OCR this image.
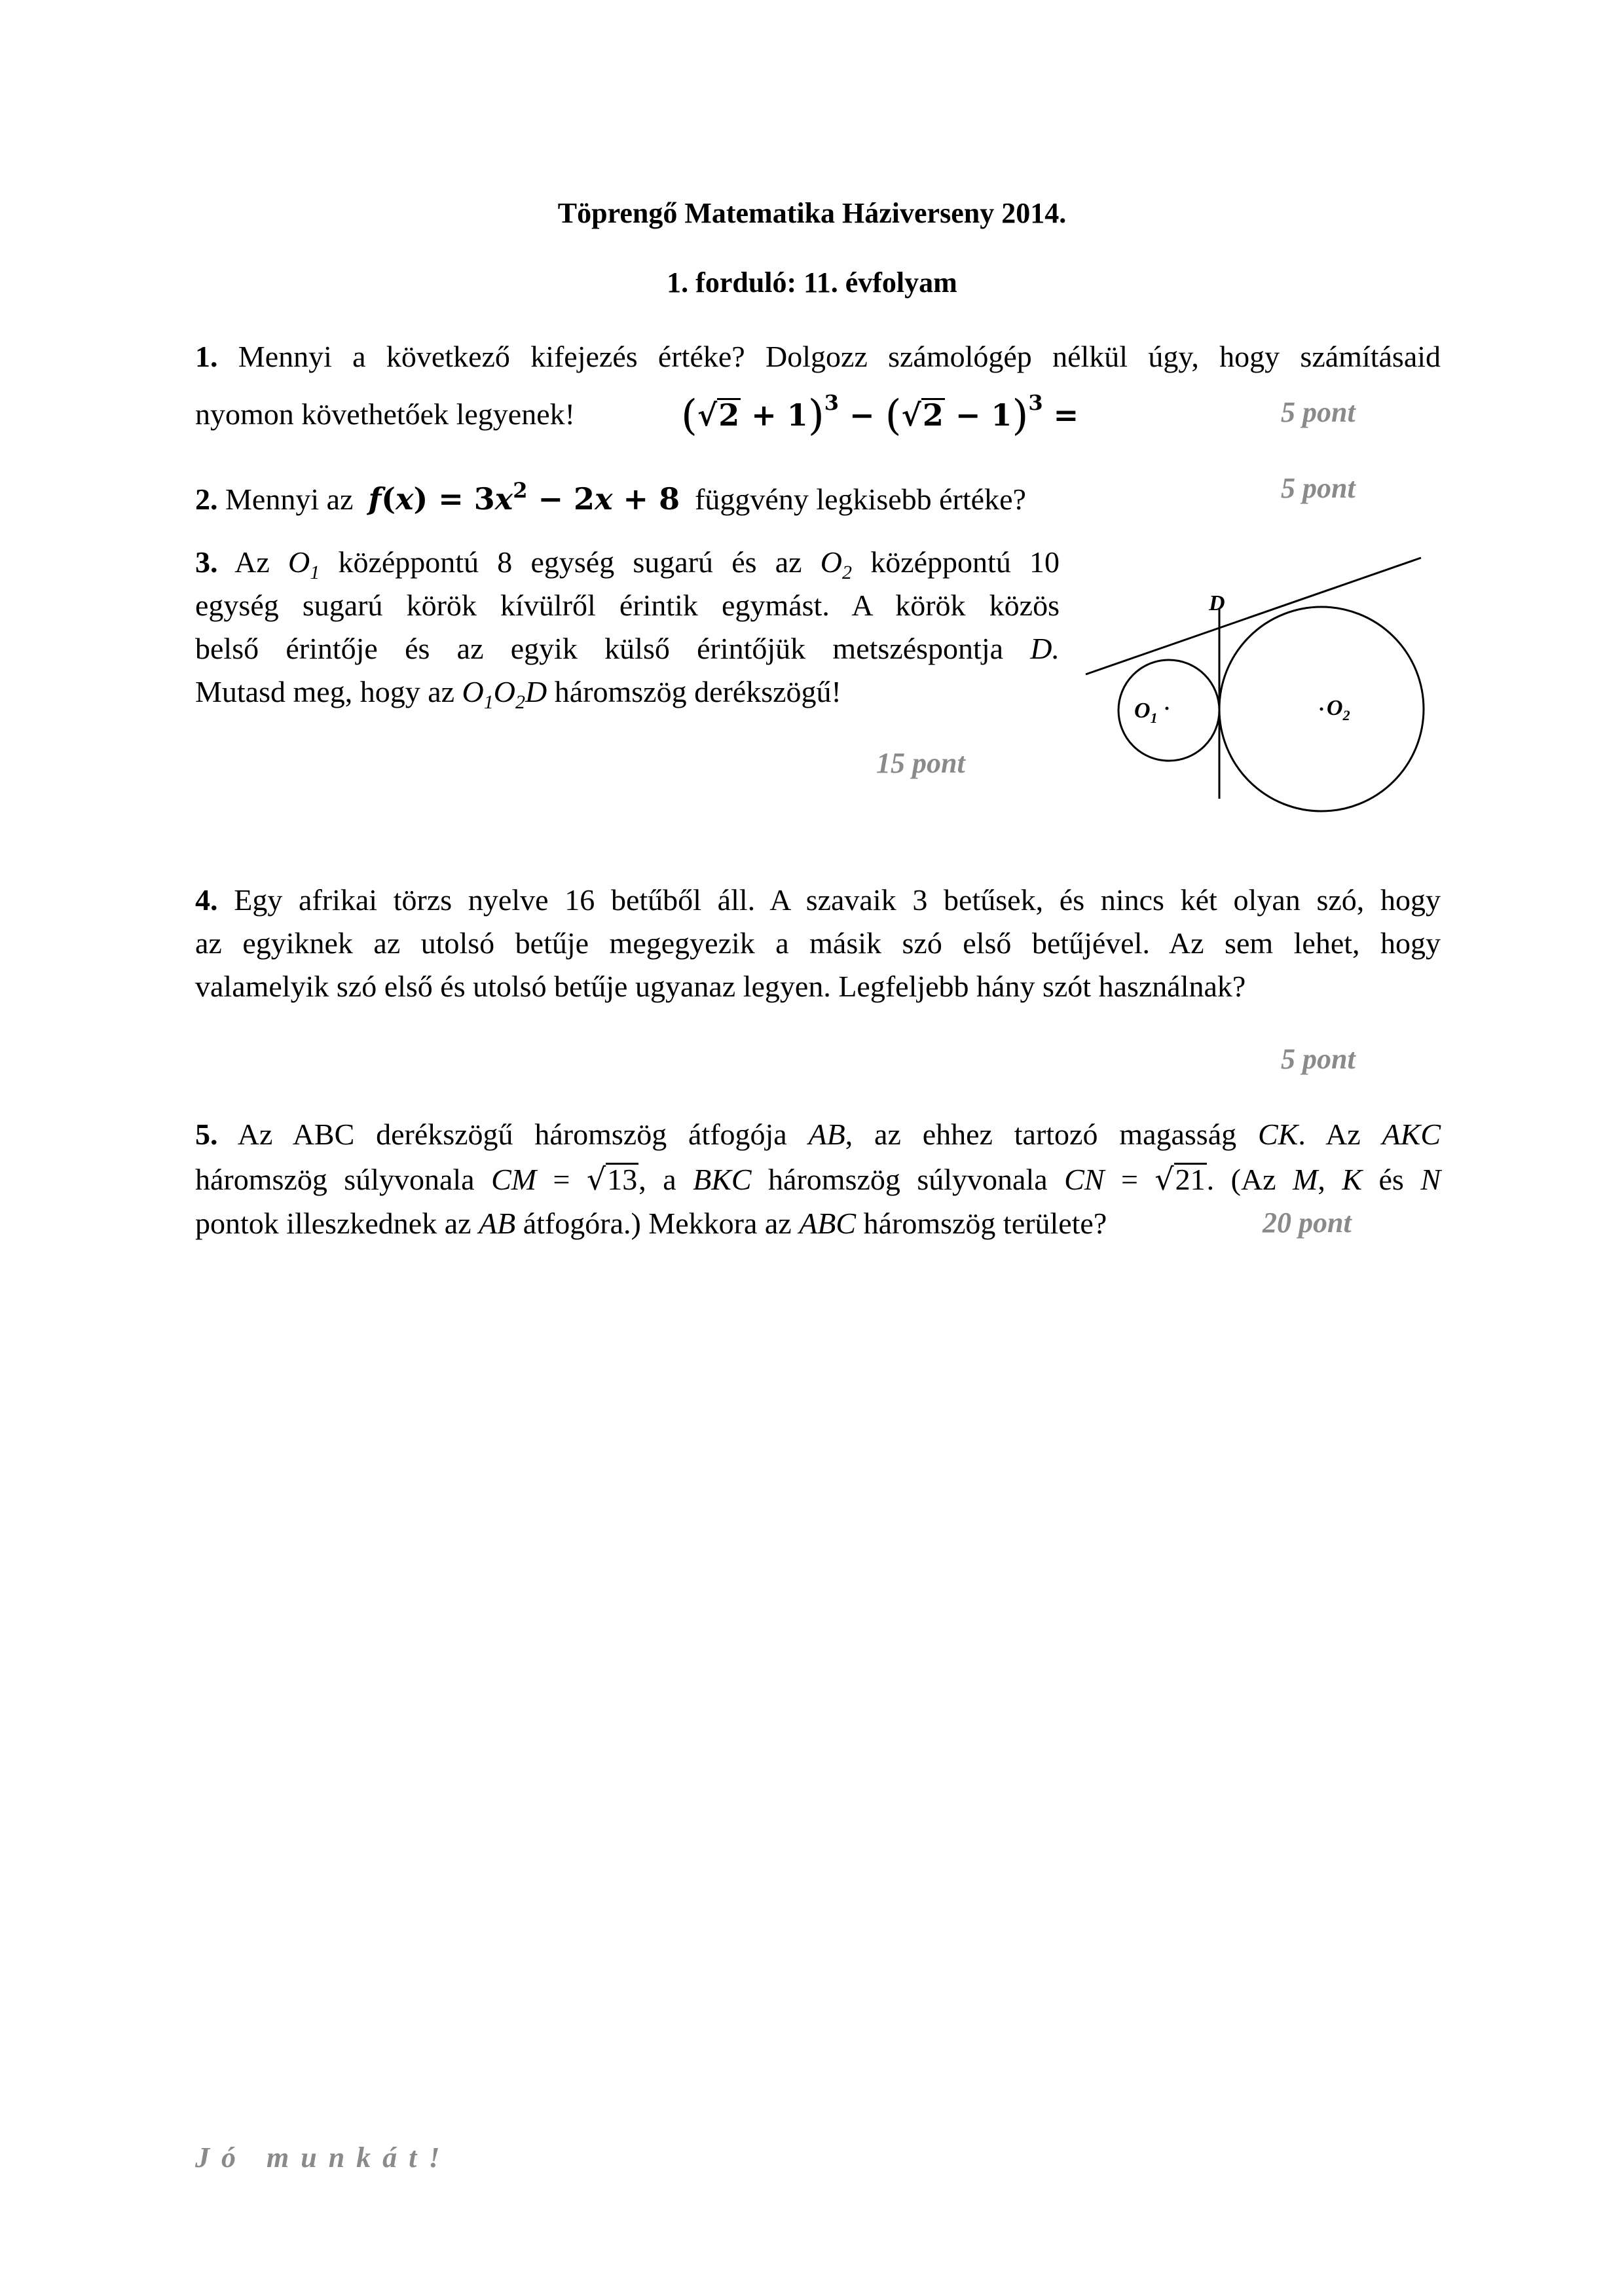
Töprengő Matematika Háziverseny 2014.
1. forduló: 11. évfolyam
1. Mennyi a következő kifejezés értéke? Dolgozz számológép nélkül úgy, hogy számításaid
nyomon követhetőek legyenek!	(√2 + 𝟏)$^3$ − (√2 − 𝟏)$^3$ =	5 pont
2. Mennyi az $f(x) = 𝟑x^2$ − 𝟐x + 𝟖 függvény legkisebb értéke?	5 pont
3. Az $O_1$ középpontú 8 egység sugarú és az $O_2$ középpontú 10
egység sugarú körök kívülről érintik egymást. A körök közös
belső érintője és az egyik külső érintőjük metszéspontja D.
Mutasd meg, hogy az $O_1O_2D$ háromszög derékszögű!
15 pont
D
$O_1$	$O_2$
4. Egy afrikai törzs nyelve 16 betűből áll. A szavaik 3 betűsek, és nincs két olyan szó, hogy
az egyiknek az utolsó betűje megegyezik a másik szó első betűjével. Az sem lehet, hogy
valamelyik szó első és utolsó betűje ugyanaz legyen. Legfeljebb hány szót használnak?
5 pont
5. Az ABC derékszögű háromszög átfogója AB, az ehhez tartozó magasság CK. Az AKC
háromszög súlyvonala CM = √13, a BKC háromszög súlyvonala CN = √21. (Az M, K és N
pontok illeszkednek az AB átfogóra.) Mekkora az ABC háromszög területe?	20 pont
Jó munkát!
